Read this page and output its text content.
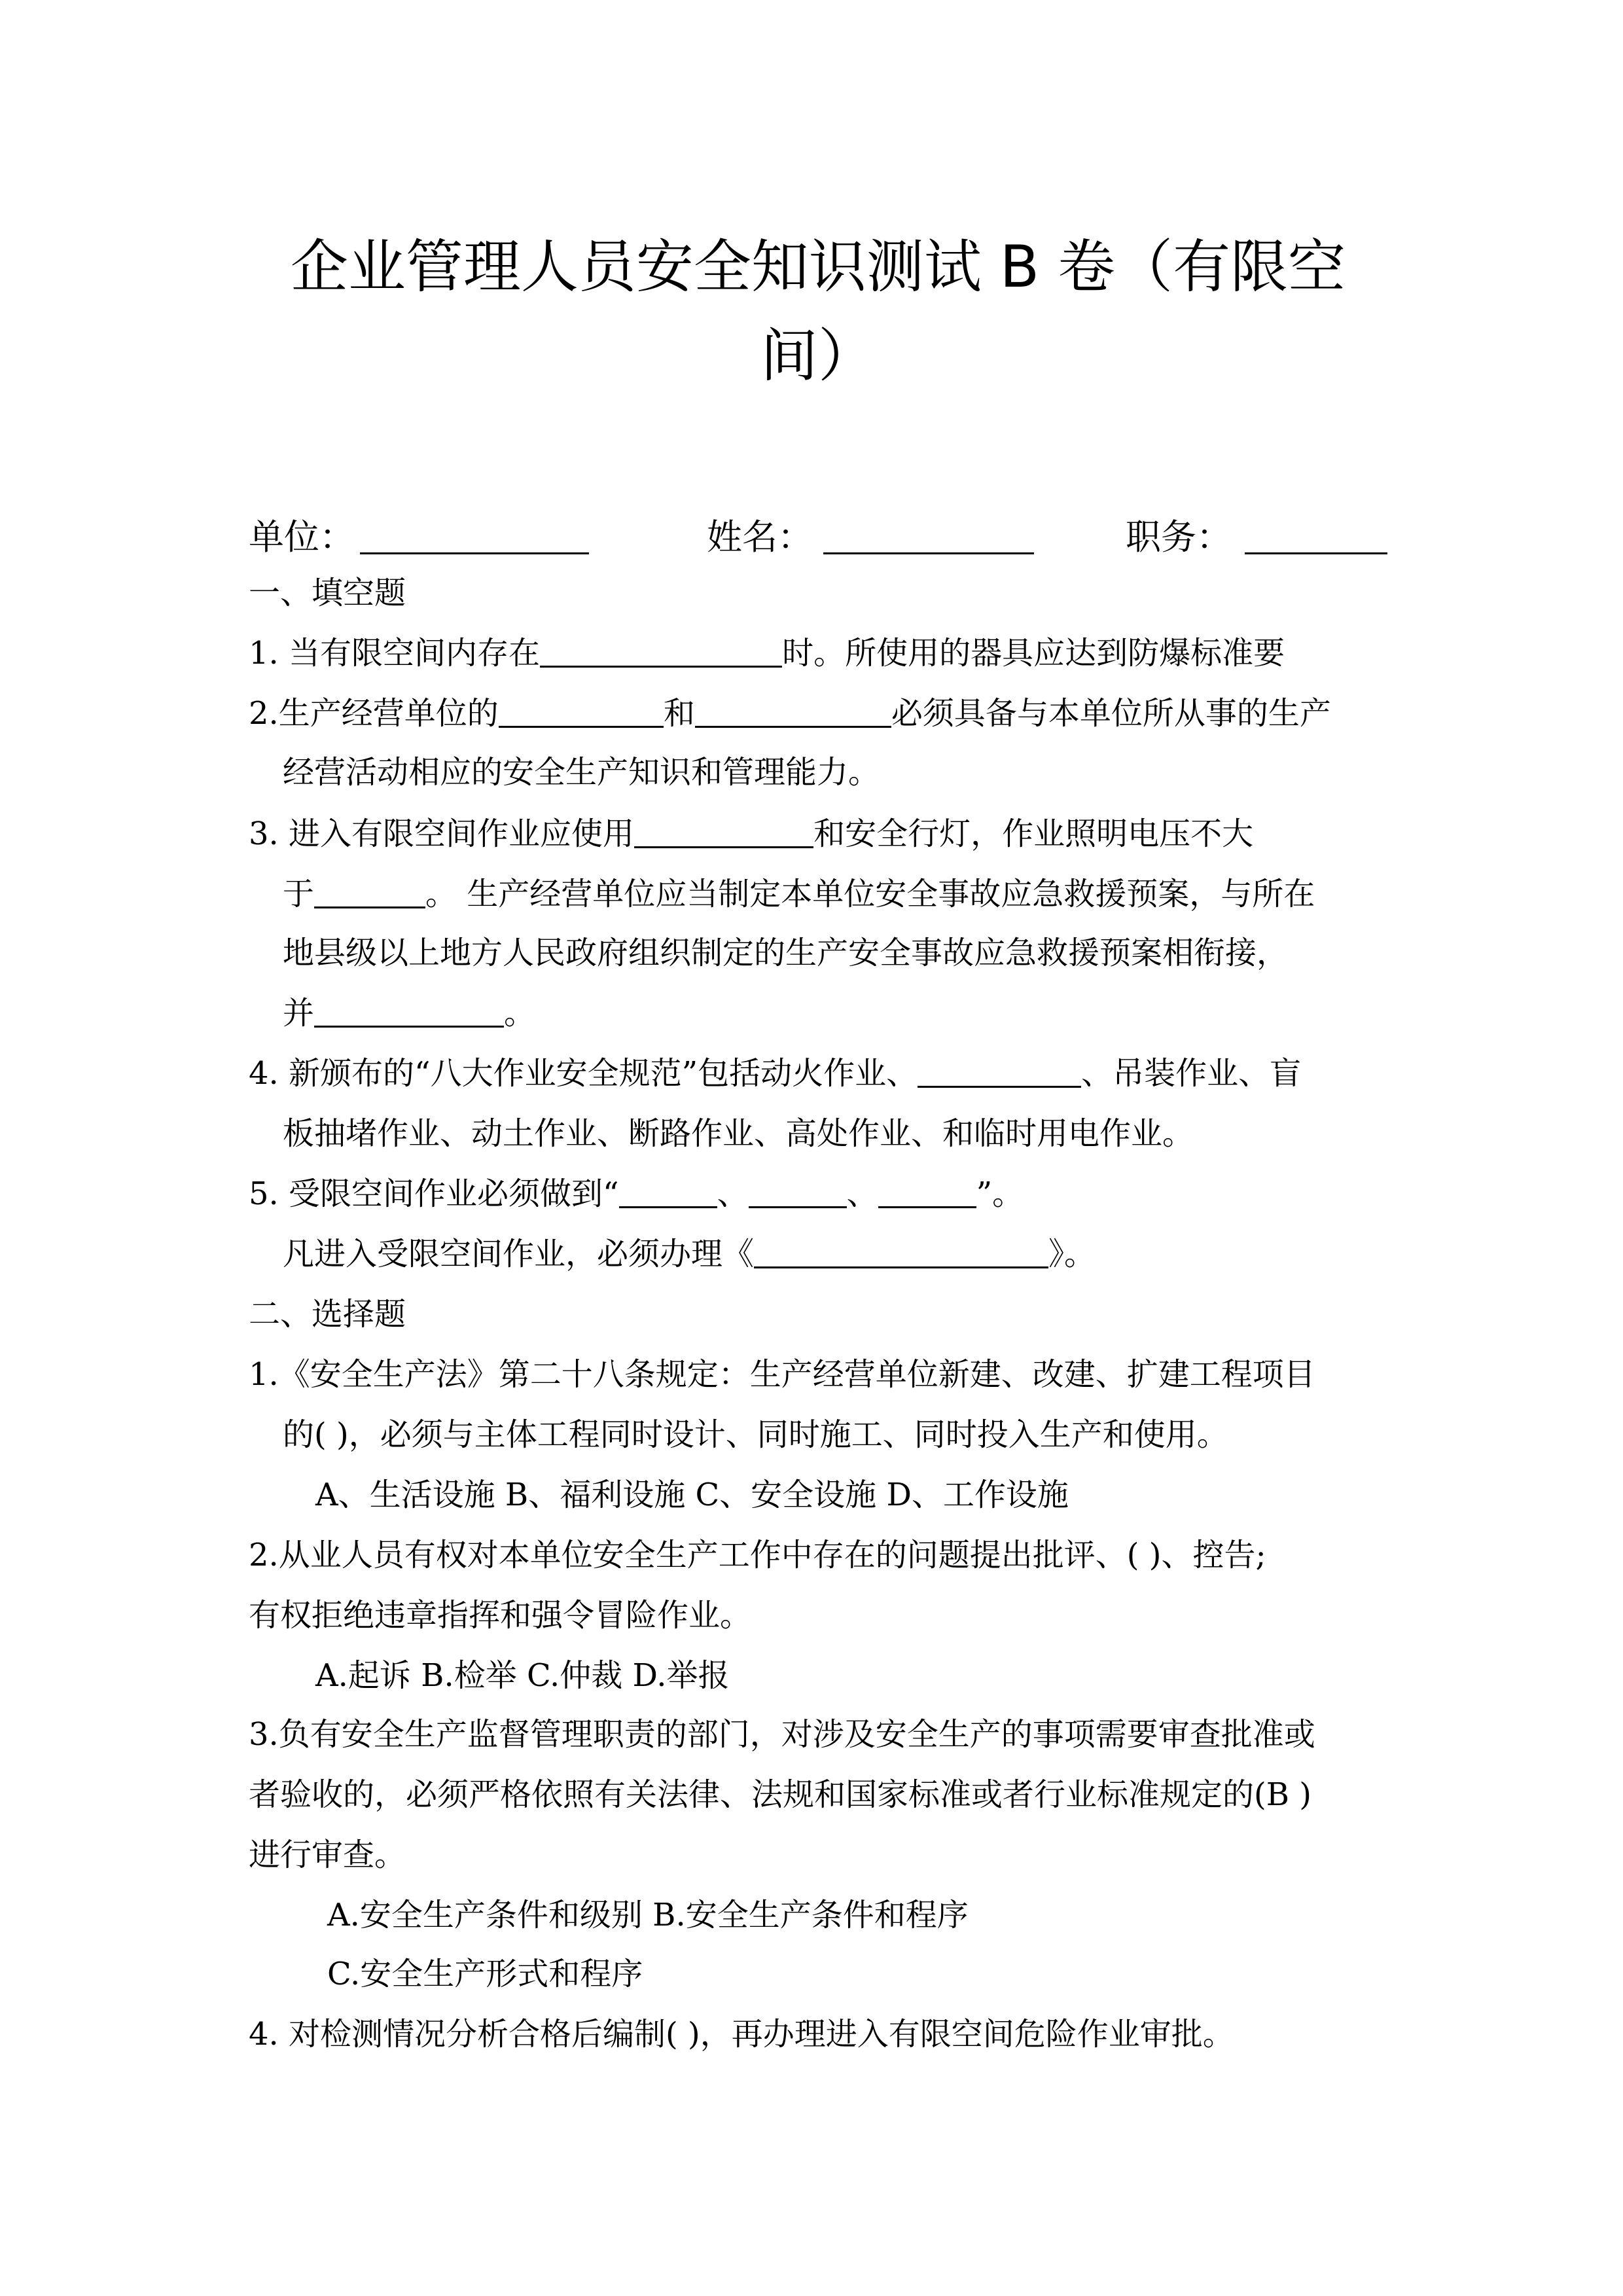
企业管理人员安全知识测试 B 卷（有限空
间）
单位：	姓名：	职务：
一、填空题
1. 当有限空间内存在	时。所使用的器具应达到防爆标准要
2.生产经营单位的	和	必须具备与本单位所从事的生产
经营活动相应的安全生产知识和管理能力。
3. 进入有限空间作业应使用	和安全行灯，作业照明电压不大
于	。 生产经营单位应当制定本单位安全事故应急救援预案，与所在
地县级以上地方人民政府组织制定的生产安全事故应急救援预案相衔接，
并	。
4. 新颁布的“八大作业安全规范”包括动火作业、	、吊装作业、盲
板抽堵作业、动土作业、断路作业、高处作业、和临时用电作业。
5. 受限空间作业必须做到“	、	、	”。
凡进入受限空间作业，必须办理《	》。
二、选择题
1.《安全生产法》第二十八条规定：生产经营单位新建、改建、扩建工程项目
的( )，必须与主体工程同时设计、同时施工、同时投入生产和使用。
A、生活设施 B、福利设施 C、安全设施 D、工作设施
2.从业人员有权对本单位安全生产工作中存在的问题提出批评、( )、控告;
有权拒绝违章指挥和强令冒险作业。
A.起诉 B.检举 C.仲裁 D.举报
3.负有安全生产监督管理职责的部门，对涉及安全生产的事项需要审查批准或
者验收的，必须严格依照有关法律、法规和国家标准或者行业标准规定的(B )
进行审查。
A.安全生产条件和级别 B.安全生产条件和程序
C.安全生产形式和程序
4. 对检测情况分析合格后编制( )，再办理进入有限空间危险作业审批。
